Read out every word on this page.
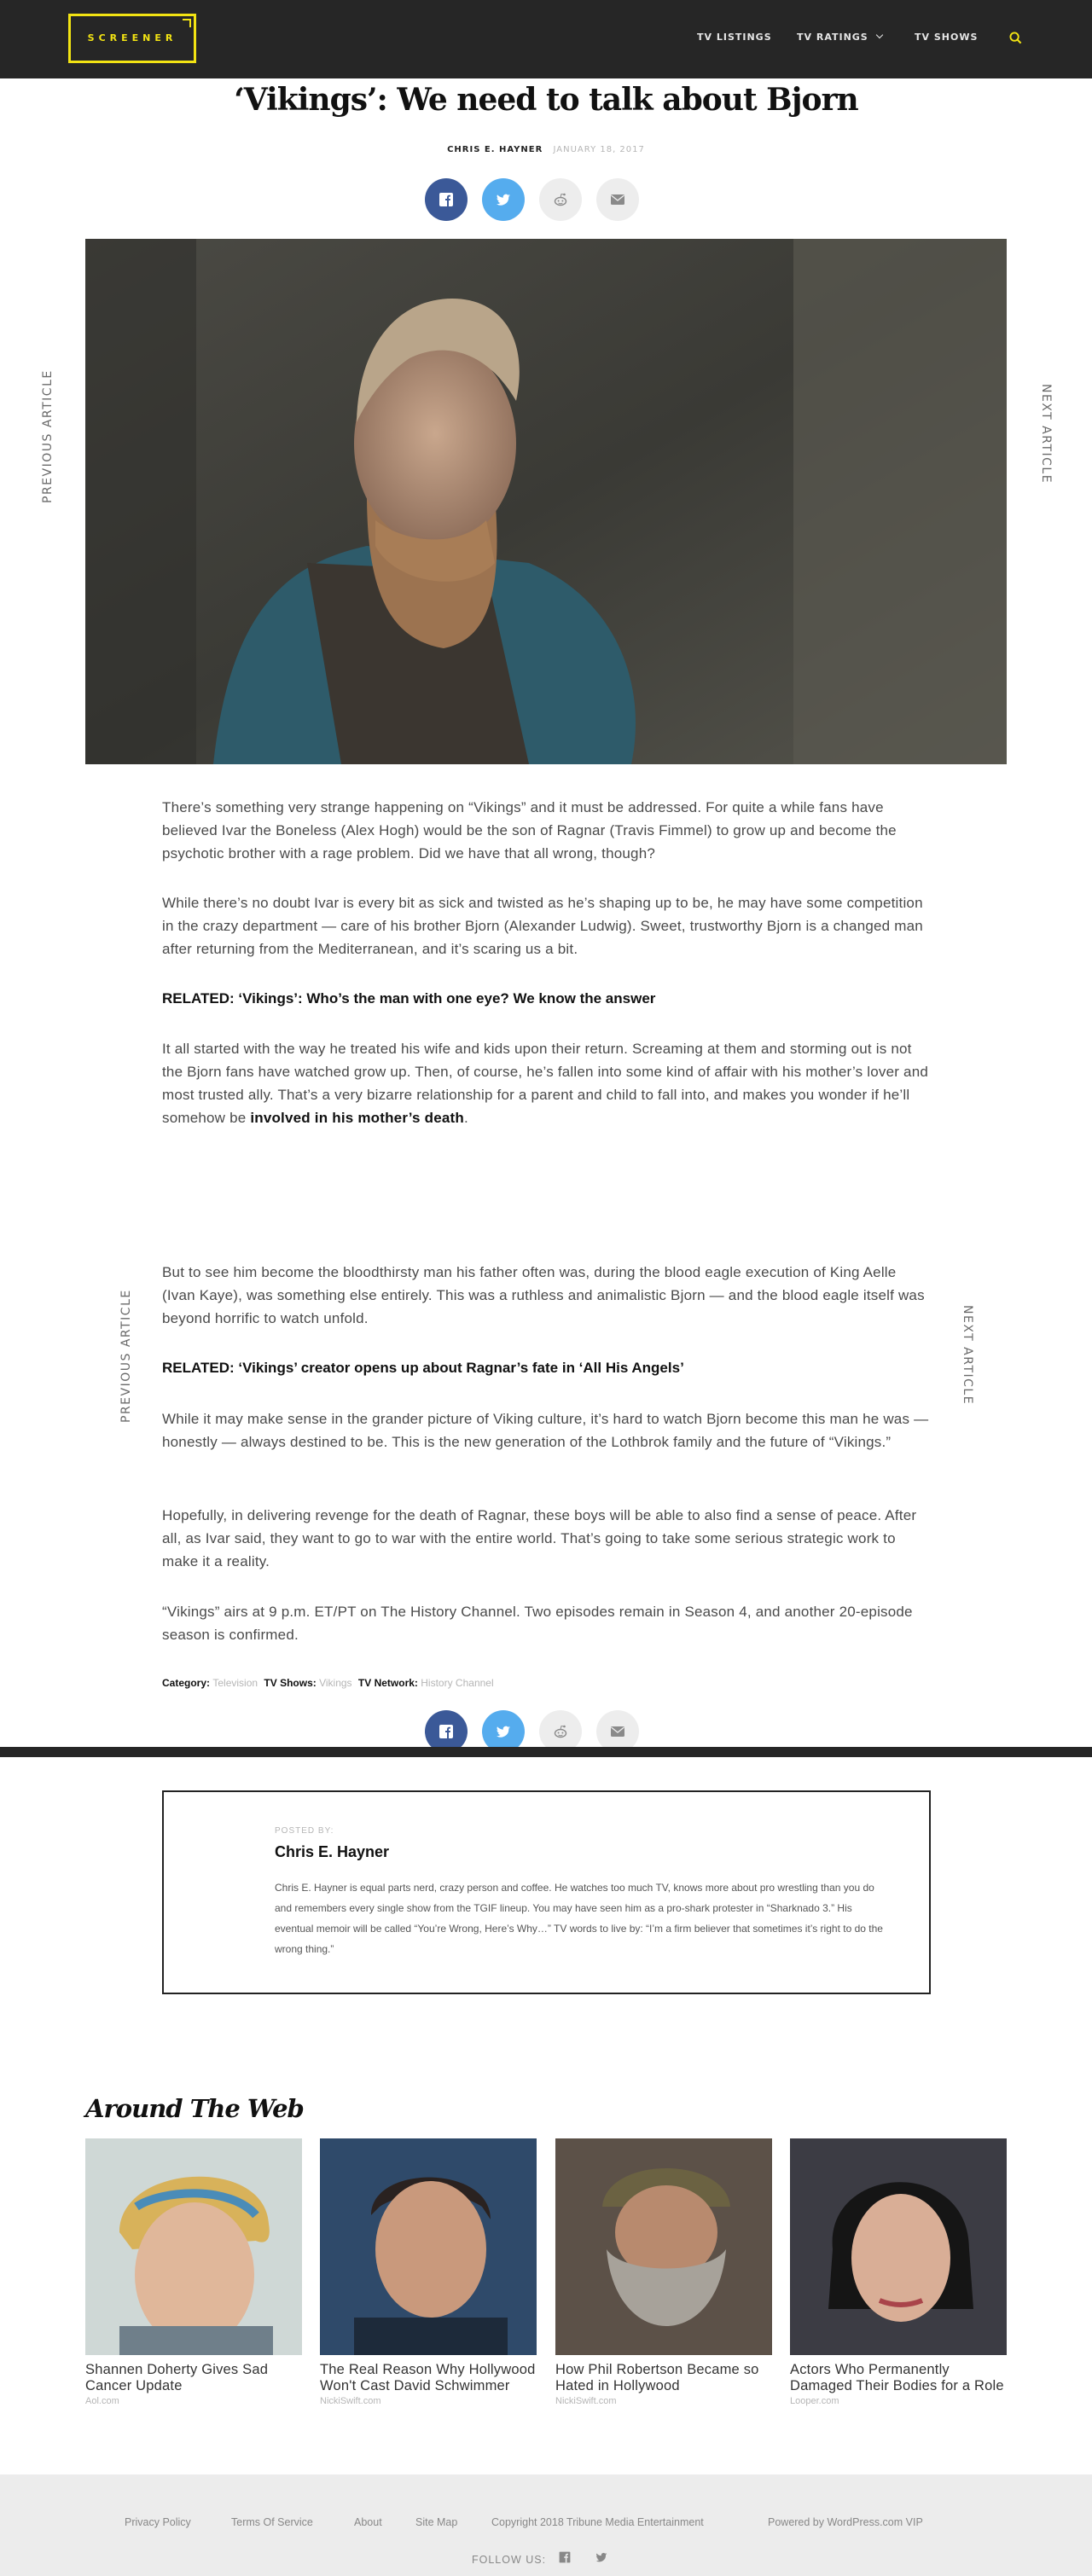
SCREENER	TV LISTINGS	TV RATINGS	TV SHOWS
‘Vikings’: We need to talk about Bjorn
CHRIS E. HAYNER JANUARY 18, 2017
PREVIOUS ARTICLE	NEXT ARTICLE

There’s something very strange happening on “Vikings” and it must be addressed. For quite a while fans have believed Ivar the Boneless (Alex Hogh) would be the son of Ragnar (Travis Fimmel) to grow up and become the psychotic brother with a rage problem. Did we have that all wrong, though?

While there’s no doubt Ivar is every bit as sick and twisted as he’s shaping up to be, he may have some competition in the crazy department — care of his brother Bjorn (Alexander Ludwig). Sweet, trustworthy Bjorn is a changed man after returning from the Mediterranean, and it’s scaring us a bit.

RELATED: ‘Vikings’: Who’s the man with one eye? We know the answer

It all started with the way he treated his wife and kids upon their return. Screaming at them and storming out is not the Bjorn fans have watched grow up. Then, of course, he’s fallen into some kind of affair with his mother’s lover and most trusted ally. That’s a very bizarre relationship for a parent and child to fall into, and makes you wonder if he’ll somehow be involved in his mother’s death.

But to see him become the bloodthirsty man his father often was, during the blood eagle execution of King Aelle (Ivan Kaye), was something else entirely. This was a ruthless and animalistic Bjorn — and the blood eagle itself was beyond horrific to watch unfold.

RELATED: ‘Vikings’ creator opens up about Ragnar’s fate in ‘All His Angels’

While it may make sense in the grander picture of Viking culture, it’s hard to watch Bjorn become this man he was — honestly — always destined to be. This is the new generation of the Lothbrok family and the future of “Vikings.”

Hopefully, in delivering revenge for the death of Ragnar, these boys will be able to also find a sense of peace. After all, as Ivar said, they want to go to war with the entire world. That’s going to take some serious strategic work to make it a reality.

“Vikings” airs at 9 p.m. ET/PT on The History Channel. Two episodes remain in Season 4, and another 20-episode season is confirmed.

PREVIOUS ARTICLE	NEXT ARTICLE
Category: Television TV Shows: Vikings TV Network: History Channel
POSTED BY:
Chris E. Hayner

Chris E. Hayner is equal parts nerd, crazy person and coffee. He watches too much TV, knows more about pro wrestling than you do and remembers every single show from the TGIF lineup. You may have seen him as a pro-shark protester in “Sharknado 3.” His eventual memoir will be called “You’re Wrong, Here’s Why…” TV words to live by: “I’m a firm believer that sometimes it’s right to do the wrong thing.”

Around The Web
Shannen Doherty Gives Sad Cancer Update
Aol.com
The Real Reason Why Hollywood Won't Cast David Schwimmer
NickiSwift.com
How Phil Robertson Became so Hated in Hollywood
NickiSwift.com
Actors Who Permanently Damaged Their Bodies for a Role
Looper.com
Privacy Policy	Terms Of Service	About	Site Map	Copyright 2018 Tribune Media Entertainment	Powered by WordPress.com VIP
FOLLOW US:
